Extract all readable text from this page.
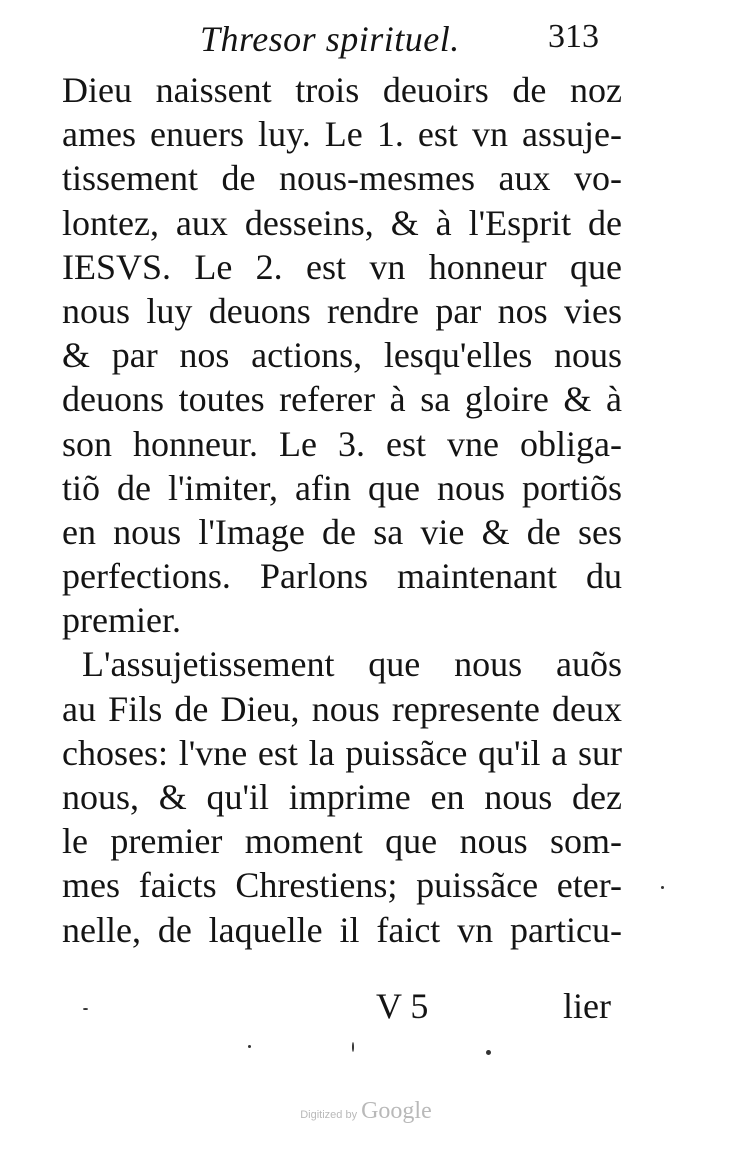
Thresor spirituel.	313
Dieu naissent trois deuoirs de noz
ames enuers luy. Le 1. est vn assuje-
tissement de nous-mesmes aux vo-
lontez, aux desseins, & à l'Esprit de
IESVS. Le 2. est vn honneur que
nous luy deuons rendre par nos vies
& par nos actions, lesqu'elles nous
deuons toutes referer à sa gloire & à
son honneur. Le 3. est vne obliga-
tiõ de l'imiter, afin que nous portiõs
en nous l'Image de sa vie & de ses
perfections. Parlons maintenant du
premier.
L'assujetissement que nous auõs
au Fils de Dieu, nous represente deux
choses: l'vne est la puissãce qu'il a sur
nous, & qu'il imprime en nous dez
le premier moment que nous som-
mes faicts Chrestiens; puissãce eter-
nelle, de laquelle il faict vn particu-
V 5	lier
Digitized by Google
